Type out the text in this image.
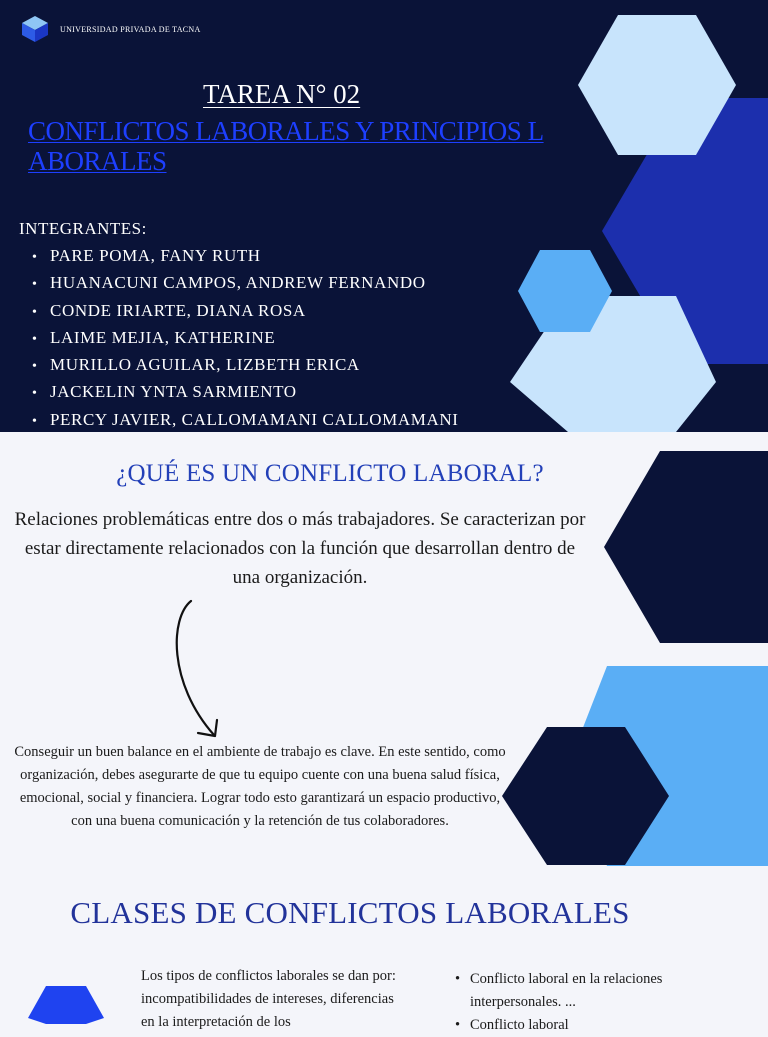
UNIVERSIDAD PRIVADA DE TACNA
TAREA N° 02
CONFLICTOS LABORALES Y PRINCIPIOS LABORALES
INTEGRANTES:
• PARE POMA, FANY RUTH
• HUANACUNI CAMPOS, ANDREW FERNANDO
• CONDE IRIARTE, DIANA ROSA
• LAIME MEJIA, KATHERINE
• MURILLO AGUILAR, LIZBETH ERICA
• JACKELIN YNTA SARMIENTO
• PERCY JAVIER, CALLOMAMANI CALLOMAMANI
¿QUÉ ES UN CONFLICTO LABORAL?
Relaciones problemáticas entre dos o más trabajadores. Se caracterizan por estar directamente relacionados con la función que desarrollan dentro de una organización.
Conseguir un buen balance en el ambiente de trabajo es clave. En este sentido, como organización, debes asegurarte de que tu equipo cuente con una buena salud física, emocional, social y financiera. Lograr todo esto garantizará un espacio productivo, con una buena comunicación y la retención de tus colaboradores.
CLASES DE CONFLICTOS LABORALES
Los tipos de conflictos laborales se dan por: incompatibilidades de intereses, diferencias en la interpretación de los
• Conflicto laboral en la relaciones interpersonales. ...
• Conflicto laboral
